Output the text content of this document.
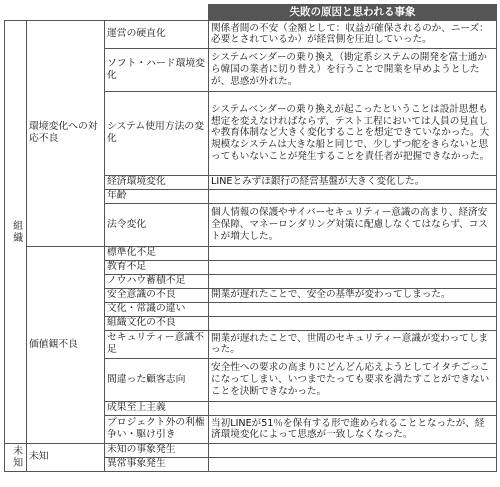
			失敗の原因と思われる事象

組織	環境変化への対応不良	運営の硬直化	関係者間の不安（金額として：収益が確保されるのか、ニーズ：必要とされているか）が経営側を圧迫していった。
		ソフト・ハード環境変化	システムベンダーの乗り換え（勘定系システムの開発を富士通から韓国の業者に切り替え）を行うことで開業を早めようとしたが、思惑が外れた。
		システム使用方法の変化	システムベンダーの乗り換えが起こったということは設計思想も想定を変えなければならず、テスト工程においては人員の見直しや教育体制など大きく変化することを想定できていなかった。大規模なシステムは大きな船と同じで、少しずつ舵をきらないと思ってもいないことが発生することを責任者が把握できなかった。
		経済環境変化	LINEとみずほ銀行の経営基盤が大きく変化した。
		年齢	
		法令変化	個人情報の保護やサイバーセキュリティー意識の高まり、経済安全保障、マネーロンダリング対策に配慮しなくてはならず、コストが増大した。
	価値観不良	標準化不足	
		教育不足	
		ノウハウ蓄積不足	
		安全意識の不良	開業が遅れたことで、安全の基準が変わってしまった。
		文化・常識の違い	
		組織文化の不良	
		セキュリティー意識不足	開業が遅れたことで、世間のセキュリティー意識が変わってしまった。
		間違った顧客志向	安全性への要求の高まりにどんどん応えようとしてイタチごっこになってしまい、いつまでたっても要求を満たすことができないことを決断できなかった。
		成果至上主義	
		プロジェクト外の利権争い・駆け引き	当初LINEが51％を保有する形で進められることとなったが、経済環境変化によって思惑が一致しなくなった。

未知	未知	未知の事象発生	
		異常事象発生	
